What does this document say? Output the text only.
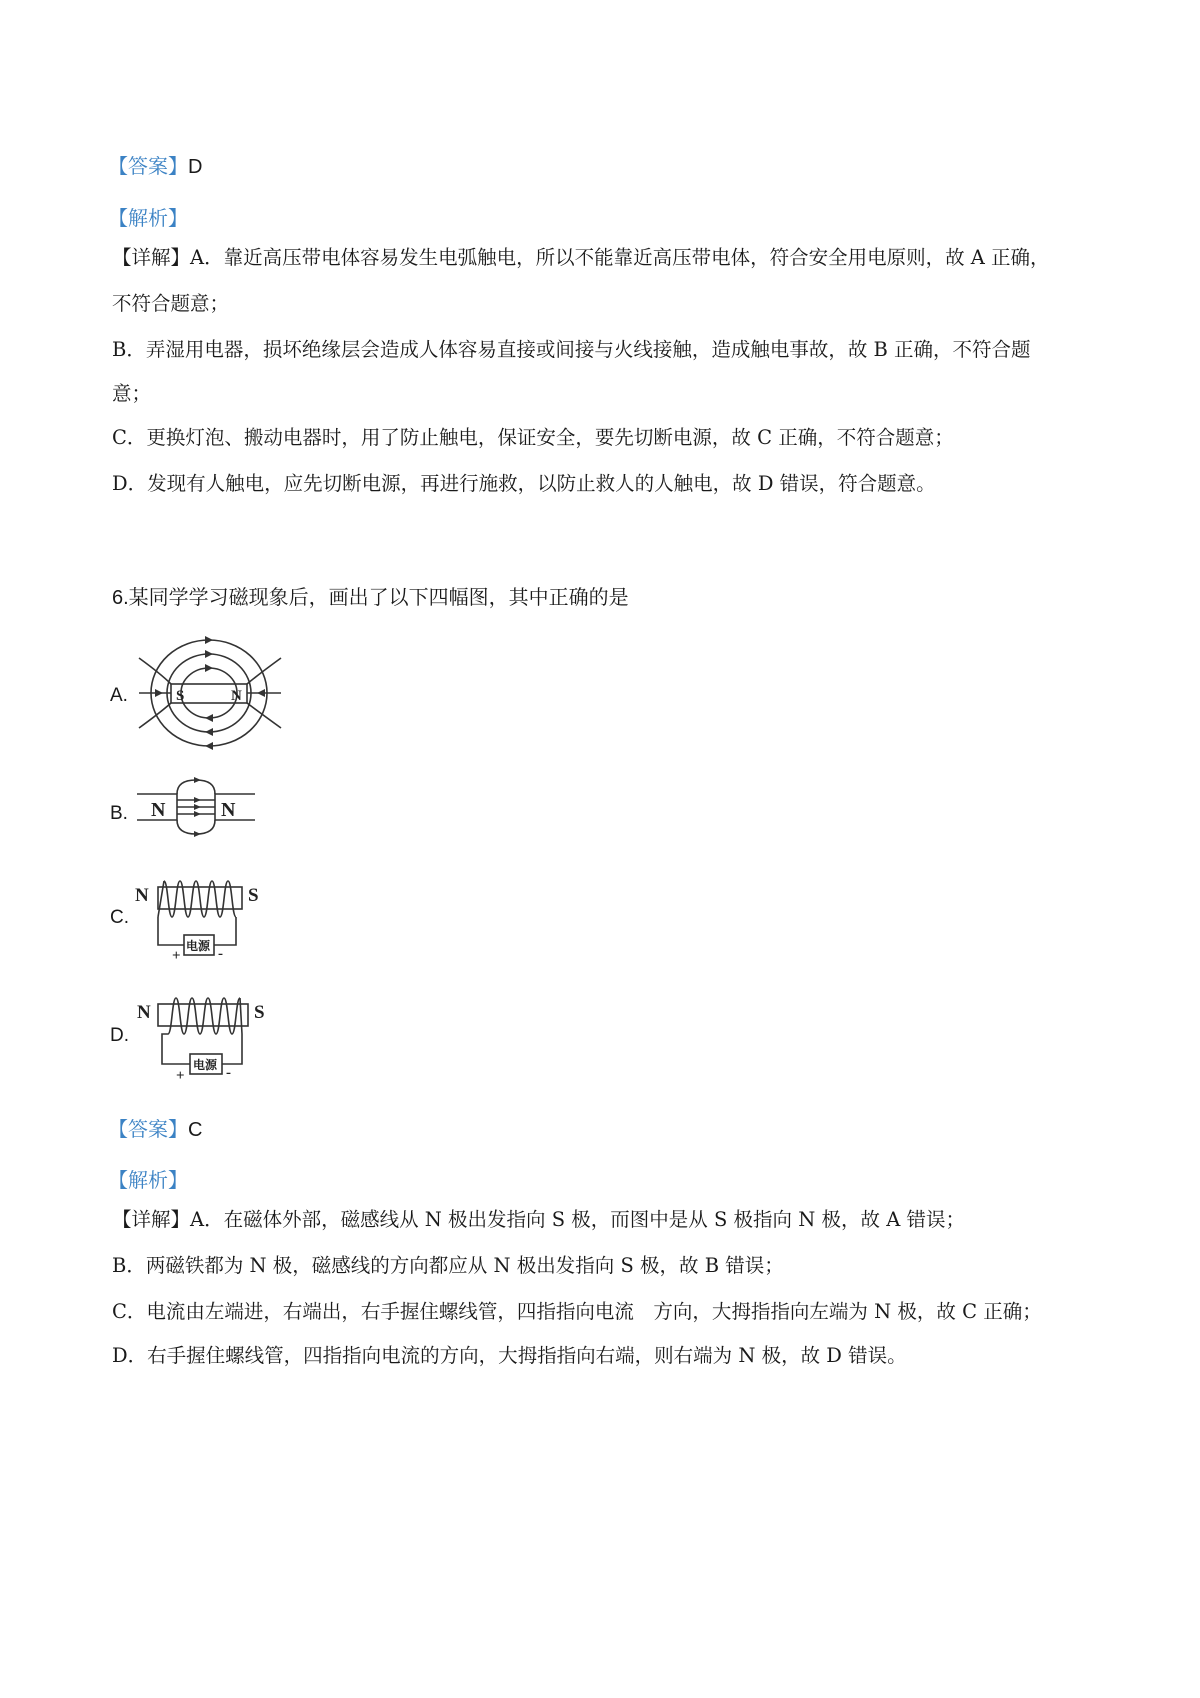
【答案】D
【解析】
【详解】A．靠近高压带电体容易发生电弧触电，所以不能靠近高压带电体，符合安全用电原则，故 A 正确，
不符合题意；
B．弄湿用电器，损坏绝缘层会造成人体容易直接或间接与火线接触，造成触电事故，故 B 正确，不符合题
意；
C．更换灯泡、搬动电器时，用了防止触电，保证安全，要先切断电源，故 C 正确，不符合题意；
D．发现有人触电，应先切断电源，再进行施救，以防止救人的人触电，故 D 错误，符合题意。
6.某同学学习磁现象后，画出了以下四幅图，其中正确的是
A.	S	N
B. N	N
C.
N	S
电源
+ -
D.
N	S
电源
+	-
【答案】C
【解析】
【详解】A．在磁体外部，磁感线从 N 极出发指向 S 极，而图中是从 S 极指向 N 极，故 A 错误；
B．两磁铁都为 N 极，磁感线的方向都应从 N 极出发指向 S 极，故 B 错误；
C．电流由左端进，右端出，右手握住螺线管，四指指向电流　方向，大拇指指向左端为 N 极，故 C 正确；
D．右手握住螺线管，四指指向电流的方向，大拇指指向右端，则右端为 N 极，故 D 错误。
